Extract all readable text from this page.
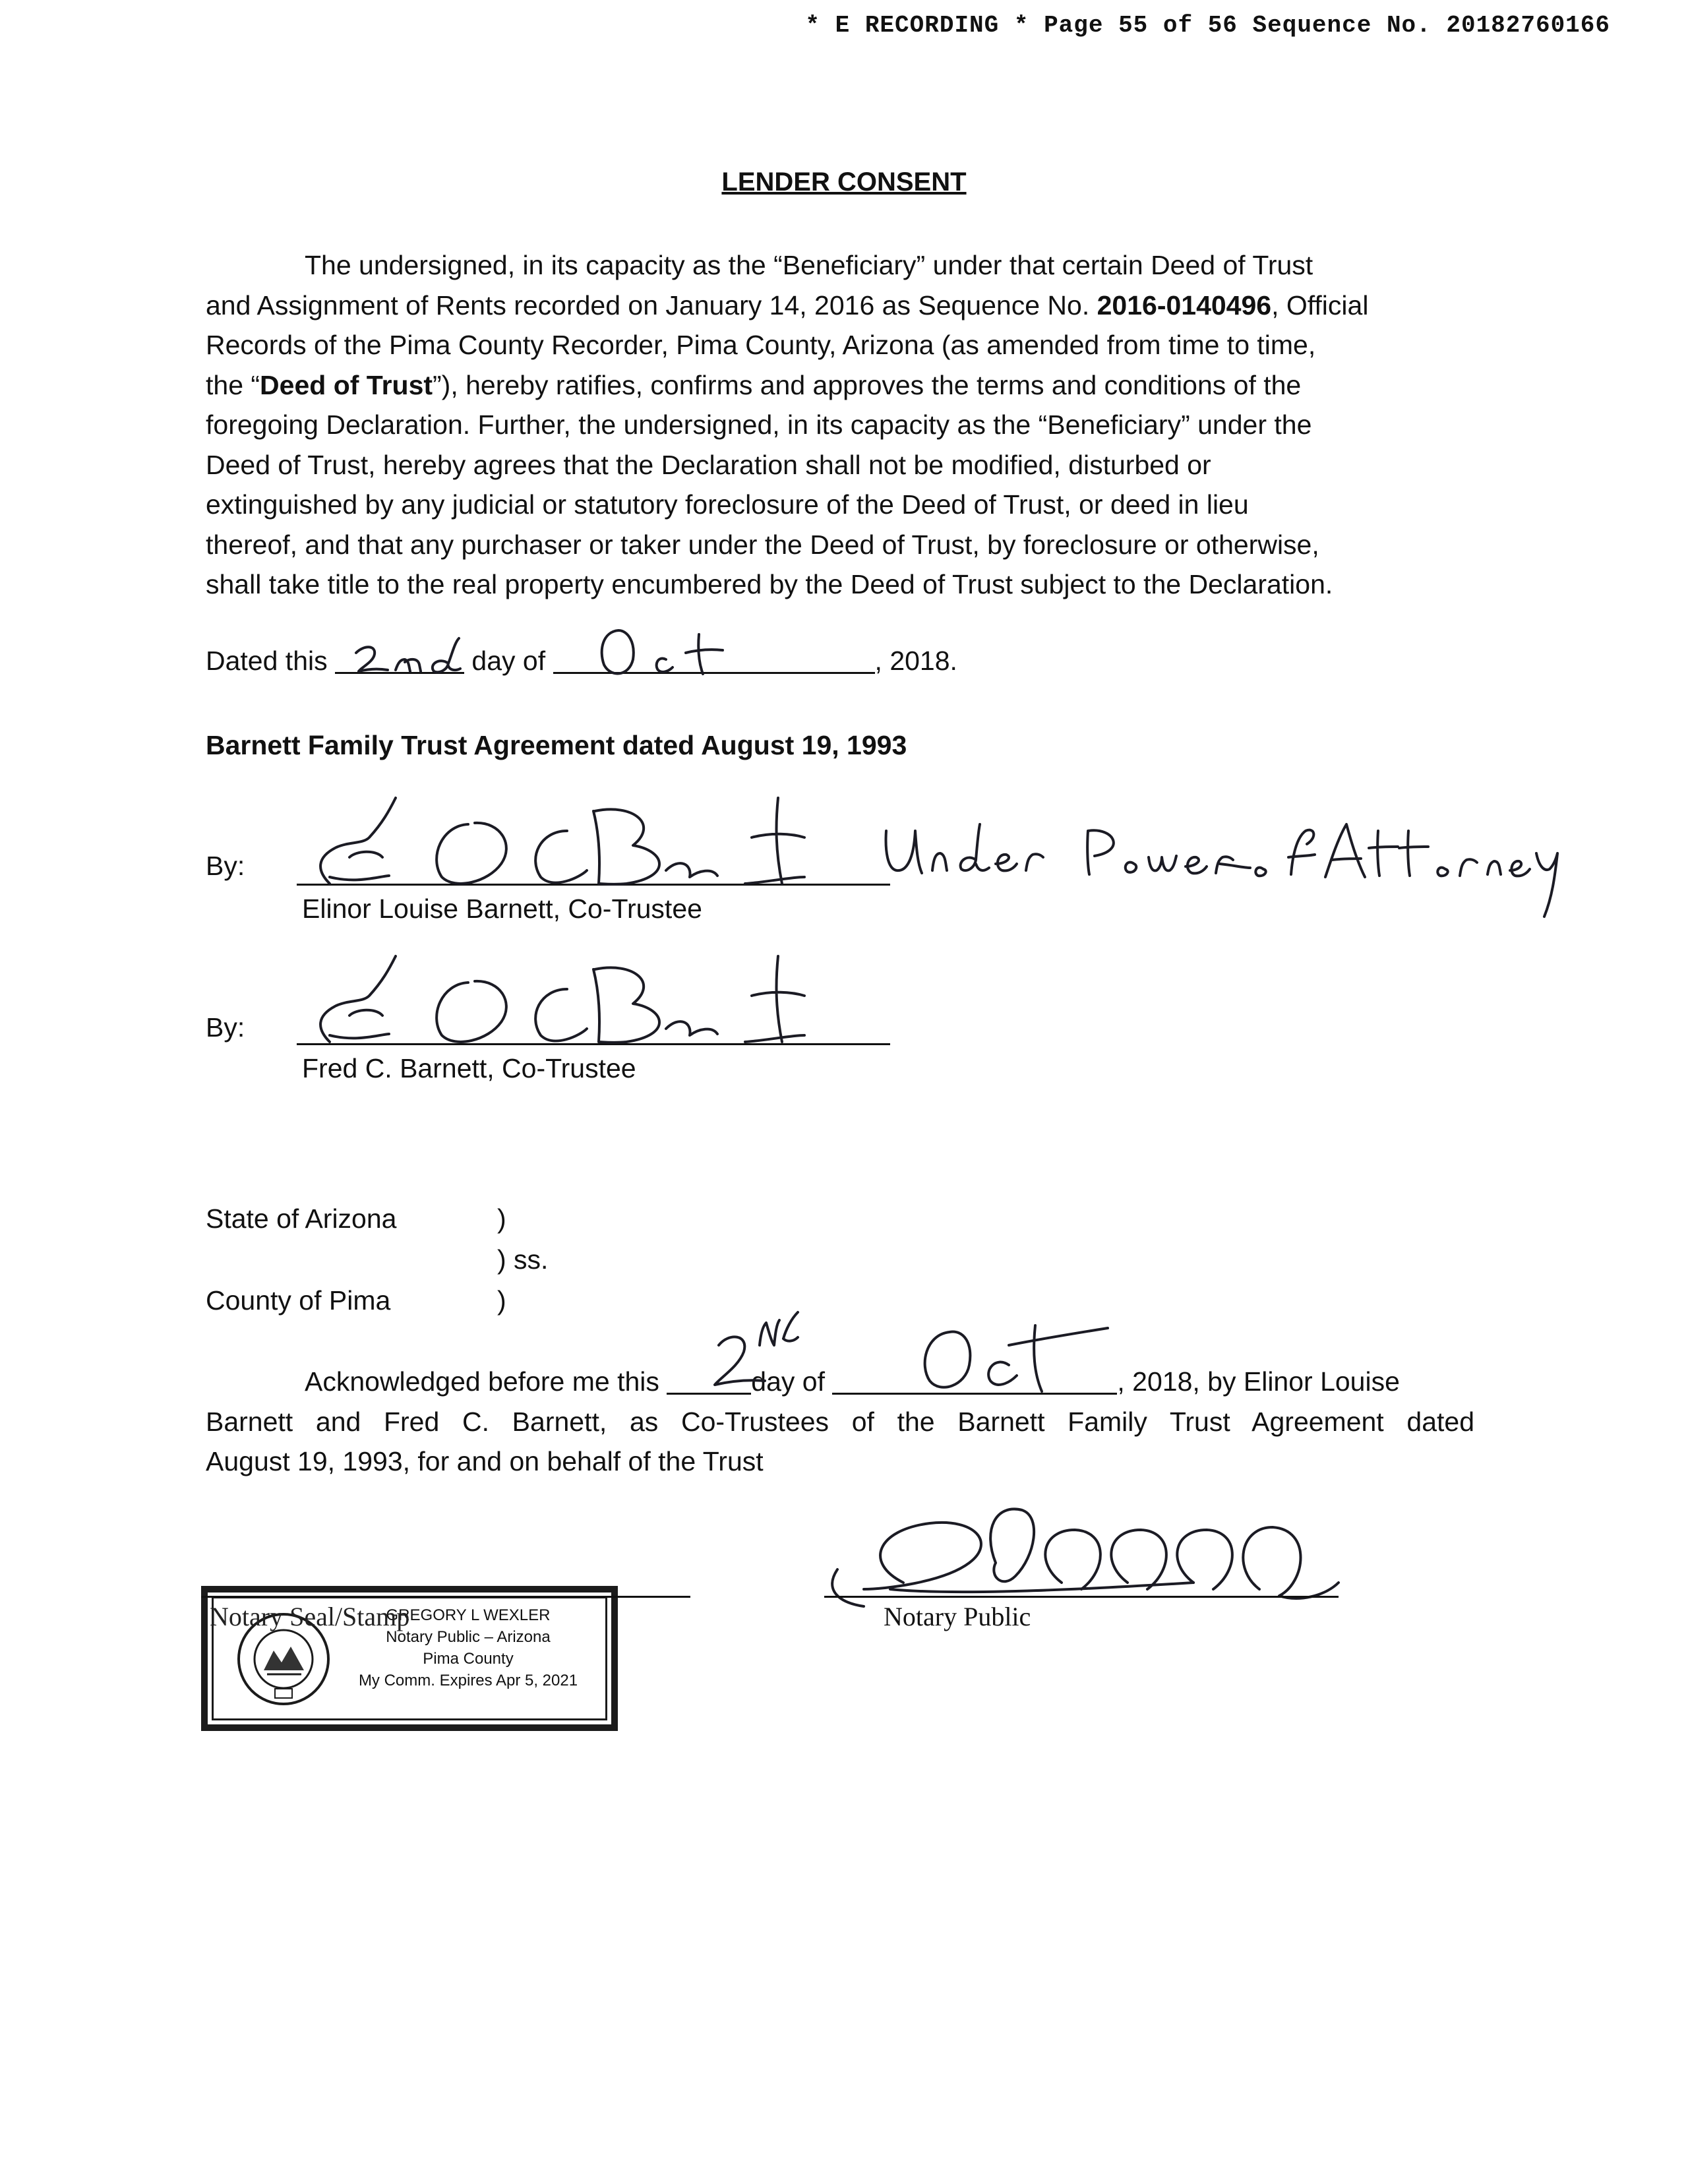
* E RECORDING * Page 55 of 56 Sequence No. 20182760166
LENDER CONSENT
The undersigned, in its capacity as the “Beneficiary” under that certain Deed of Trust
and Assignment of Rents recorded on January 14, 2016 as Sequence No. 2016-0140496, Official
Records of the Pima County Recorder, Pima County, Arizona (as amended from time to time,
the “Deed of Trust”), hereby ratifies, confirms and approves the terms and conditions of the
foregoing Declaration. Further, the undersigned, in its capacity as the “Beneficiary” under the
Deed of Trust, hereby agrees that the Declaration shall not be modified, disturbed or
extinguished by any judicial or statutory foreclosure of the Deed of Trust, or deed in lieu
thereof, and that any purchaser or taker under the Deed of Trust, by foreclosure or otherwise,
shall take title to the real property encumbered by the Deed of Trust subject to the Declaration.
Dated this	day of	, 2018.
Barnett Family Trust Agreement dated August 19, 1993
By:
Elinor Louise Barnett, Co-Trustee
By:
Fred C. Barnett, Co-Trustee
State of Arizona	)
) ss.
County of Pima	)
Acknowledged before me this	day of	, 2018, by Elinor Louise
Barnett and Fred C. Barnett, as Co-Trustees of the Barnett Family Trust Agreement dated
August 19, 1993, for and on behalf of the Trust
GREGORY L WEXLER
Notary Public – Arizona
Pima County
My Comm. Expires Apr 5, 2021
Notary Seal/Stamp	Notary Public
